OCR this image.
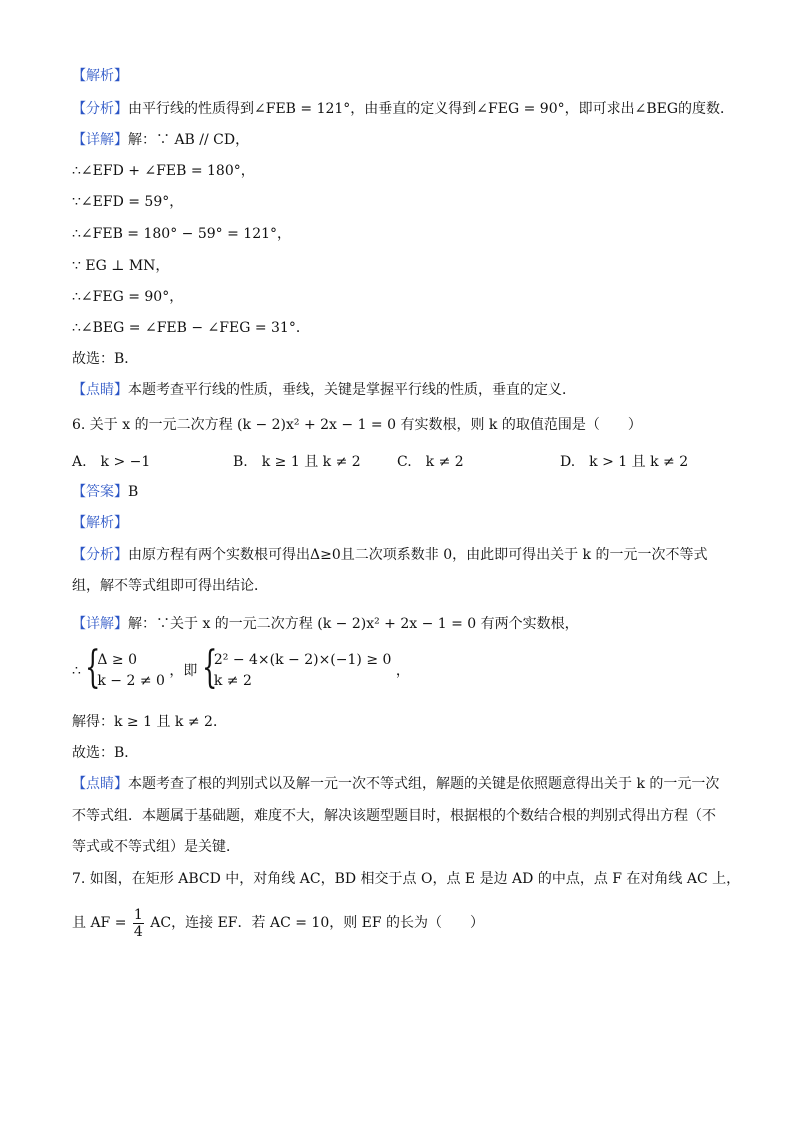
【解析】
【分析】由平行线的性质得到∠FEB = 121°，由垂直的定义得到∠FEG = 90°，即可求出∠BEG的度数．
【详解】解：∵ AB // CD，
∴∠EFD + ∠FEB = 180°，
∵∠EFD = 59°，
∴∠FEB = 180° − 59° = 121°，
∵ EG ⊥ MN，
∴∠FEG = 90°，
∴∠BEG = ∠FEB − ∠FEG = 31°．
故选：B．
【点睛】本题考查平行线的性质，垂线，关键是掌握平行线的性质，垂直的定义．
6. 关于 x 的一元二次方程 (k − 2)x² + 2x − 1 = 0 有实数根，则 k 的取值范围是（　　）
A.　k > −1	B.　k ≥ 1 且 k ≠ 2	C.　k ≠ 2	D.　k > 1 且 k ≠ 2
【答案】B
【解析】
【分析】由原方程有两个实数根可得出Δ≥0且二次项系数非 0，由此即可得出关于 k 的一元一次不等式
组，解不等式组即可得出结论．
【详解】解：∵关于 x 的一元二次方程 (k − 2)x² + 2x − 1 = 0 有两个实数根，
∴ {
Δ ≥ 0
k − 2 ≠ 0
，即 {
2² − 4×(k − 2)×(−1) ≥ 0
k ≠ 2
，
解得：k ≥ 1 且 k ≠ 2．
故选：B．
【点睛】本题考查了根的判别式以及解一元一次不等式组，解题的关键是依照题意得出关于 k 的一元一次
不等式组．本题属于基础题，难度不大，解决该题型题目时，根据根的个数结合根的判别式得出方程（不
等式或不等式组）是关键．
7. 如图，在矩形 ABCD 中，对角线 AC，BD 相交于点 O，点 E 是边 AD 的中点，点 F 在对角线 AC 上，
且 AF = $\frac{1}{4}$ AC，连接 EF．若 AC = 10，则 EF 的长为（　　）
